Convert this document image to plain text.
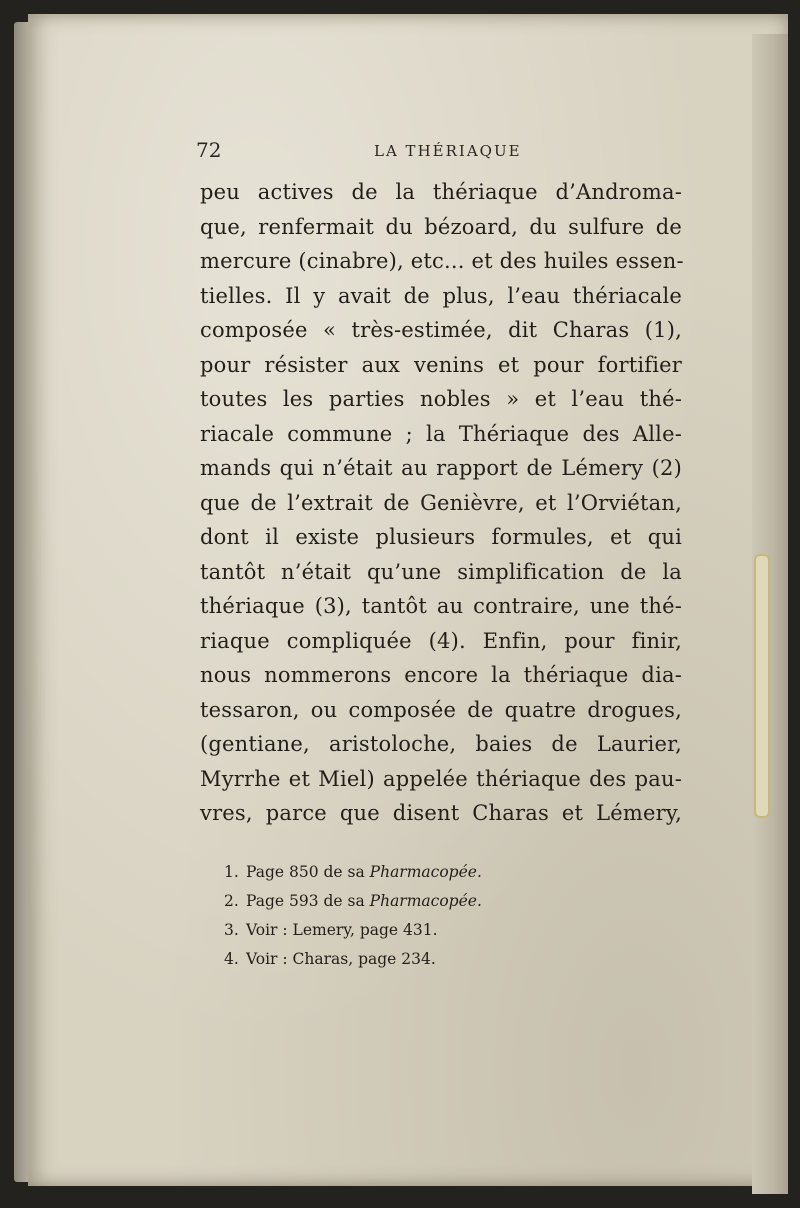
72	LA THÉRIAQUE
peu actives de la thériaque d’Androma-
que, renfermait du bézoard, du sulfure de
mercure (cinabre), etc... et des huiles essen-
tielles. Il y avait de plus, l’eau thériacale
composée « très-estimée, dit Charas (1),
pour résister aux venins et pour fortifier
toutes les parties nobles » et l’eau thé-
riacale commune ; la Thériaque des Alle-
mands qui n’était au rapport de Lémery (2)
que de l’extrait de Genièvre, et l’Orviétan,
dont il existe plusieurs formules, et qui
tantôt n’était qu’une simplification de la
thériaque (3), tantôt au contraire, une thé-
riaque compliquée (4). Enfin, pour finir,
nous nommerons encore la thériaque dia-
tessaron, ou composée de quatre drogues,
(gentiane, aristoloche, baies de Laurier,
Myrrhe et Miel) appelée thériaque des pau-
vres, parce que disent Charas et Lémery,
1. Page 850 de sa Pharmacopée.
2. Page 593 de sa Pharmacopée.
3. Voir : Lemery, page 431.
4. Voir : Charas, page 234.
